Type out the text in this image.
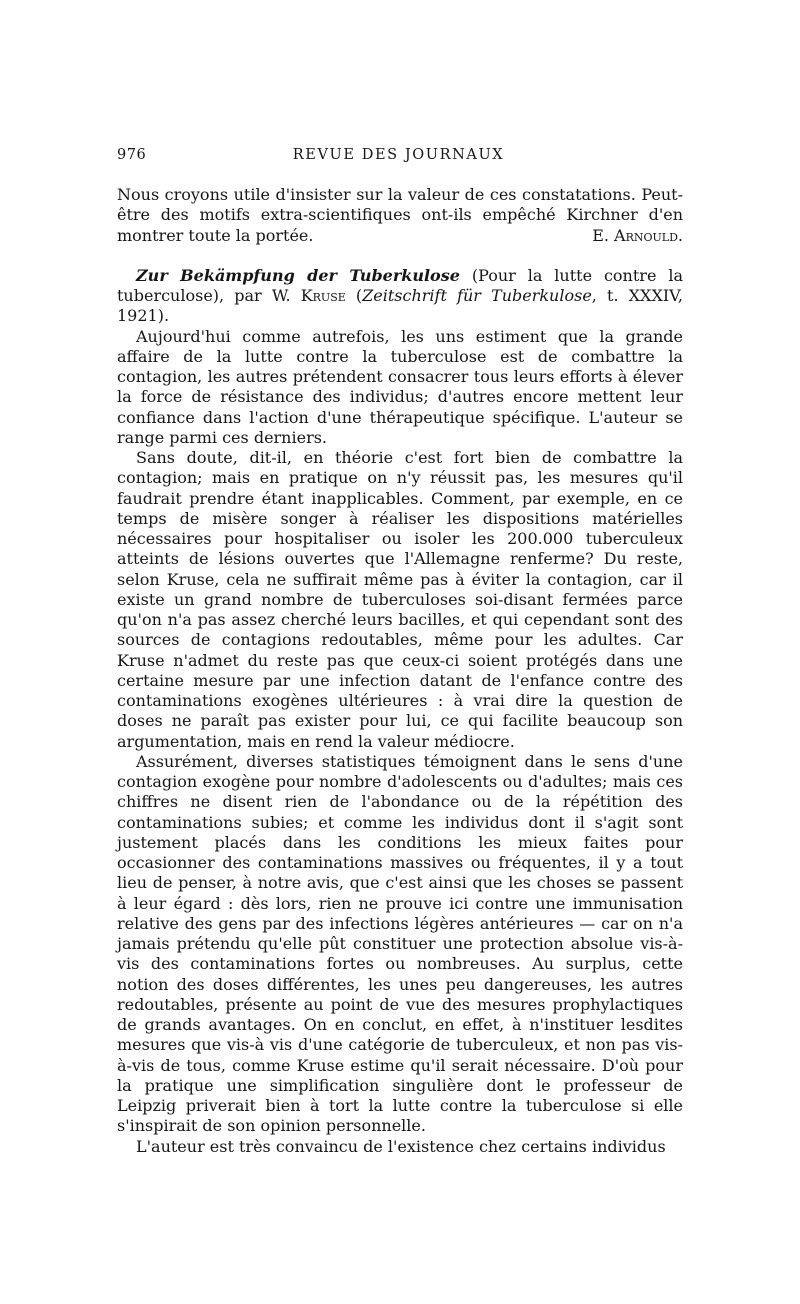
976	REVUE DES JOURNAUX

Nous croyons utile d'insister sur la valeur de ces constatations. Peut-être des motifs extra-scientifiques ont-ils empêché Kirchner d'en montrer toute la portée.	E. Arnould.

Zur Bekämpfung der Tuberkulose (Pour la lutte contre la tuberculose), par W. Kruse (Zeitschrift für Tuberkulose, t. XXXIV, 1921).

Aujourd'hui comme autrefois, les uns estiment que la grande affaire de la lutte contre la tuberculose est de combattre la contagion, les autres prétendent consacrer tous leurs efforts à élever la force de résistance des individus; d'autres encore mettent leur confiance dans l'action d'une thérapeutique spécifique. L'auteur se range parmi ces derniers.

Sans doute, dit-il, en théorie c'est fort bien de combattre la contagion; mais en pratique on n'y réussit pas, les mesures qu'il faudrait prendre étant inapplicables. Comment, par exemple, en ce temps de misère songer à réaliser les dispositions matérielles nécessaires pour hospitaliser ou isoler les 200.000 tuberculeux atteints de lésions ouvertes que l'Allemagne renferme? Du reste, selon Kruse, cela ne suffirait même pas à éviter la contagion, car il existe un grand nombre de tuberculoses soi-disant fermées parce qu'on n'a pas assez cherché leurs bacilles, et qui cependant sont des sources de contagions redoutables, même pour les adultes. Car Kruse n'admet du reste pas que ceux-ci soient protégés dans une certaine mesure par une infection datant de l'enfance contre des contaminations exogènes ultérieures : à vrai dire la question de doses ne paraît pas exister pour lui, ce qui facilite beaucoup son argumentation, mais en rend la valeur médiocre.

Assurément, diverses statistiques témoignent dans le sens d'une contagion exogène pour nombre d'adolescents ou d'adultes; mais ces chiffres ne disent rien de l'abondance ou de la répétition des contaminations subies; et comme les individus dont il s'agit sont justement placés dans les conditions les mieux faites pour occasionner des contaminations massives ou fréquentes, il y a tout lieu de penser, à notre avis, que c'est ainsi que les choses se passent à leur égard : dès lors, rien ne prouve ici contre une immunisation relative des gens par des infections légères antérieures — car on n'a jamais prétendu qu'elle pût constituer une protection absolue vis-à-vis des contaminations fortes ou nombreuses. Au surplus, cette notion des doses différentes, les unes peu dangereuses, les autres redoutables, présente au point de vue des mesures prophylactiques de grands avantages. On en conclut, en effet, à n'instituer lesdites mesures que vis-à vis d'une catégorie de tuberculeux, et non pas vis-à-vis de tous, comme Kruse estime qu'il serait nécessaire. D'où pour la pratique une simplification singulière dont le professeur de Leipzig priverait bien à tort la lutte contre la tuberculose si elle s'inspirait de son opinion personnelle.

L'auteur est très convaincu de l'existence chez certains individus
